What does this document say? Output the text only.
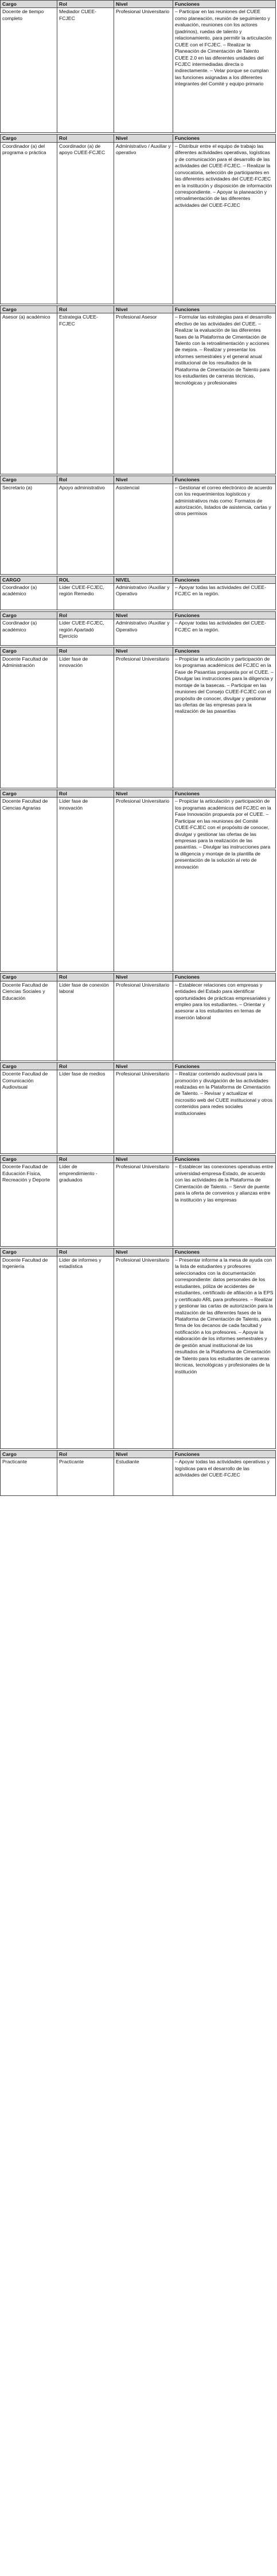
Cargo	Rol	Nivel	Funciones
Docente de tiempo completo	Mediador CUEE-FCJEC	Profesional Universitario	– Participar en las reuniones del CUEE como planeación, reunión de seguimiento y evaluación, reuniones con los actores (padrinos), ruedas de talento y relacionamiento, para permitir la articulación CUEE con el FCJEC. – Realizar la Planeación de Cimentación de Talento CUEE 2.0 en las diferentes unidades del FCJEC intermediadas directa o indirectamente. – Velar porque se cumplan las funciones asignadas a los diferentes integrantes del Comité y equipo primario
Cargo	Rol	Nivel	Funciones
Coordinador (a) del programa o práctica	Coordinador (a) de apoyo CUEE-FCJEC	Administrativo / Auxiliar y operativo	– Distribuir entre el equipo de trabajo las diferentes actividades operativas, logísticas y de comunicación para el desarrollo de las actividades del CUEE-FCJEC. – Realizar la convocatoria, selección de participantes en las diferentes actividades del CUEE-FCJEC en la institución y disposición de información correspondiente. – Apoyar la planeación y retroalimentación de las diferentes actividades del CUEE-FCJEC
Cargo	Rol	Nivel	Funciones
Asesor (a) académico	Estrategia CUEE-FCJEC	Profesional Asesor	– Formular las estrategias para el desarrollo efectivo de las actividades del CUEE. – Realizar la evaluación de las diferentes fases de la Plataforma de Cimentación de Talento con la retroalimentación y acciones de mejora. – Realizar y presentar los informes semestrales y el general anual institucional de los resultados de la Plataforma de Cimentación de Talento para los estudiantes de carreras técnicas, tecnológicas y profesionales
Cargo	Rol	Nivel	Funciones
Secretario (a)	Apoyo administrativo	Asistencial	– Gestionar el correo electrónico de acuerdo con los requerimientos logísticos y administrativos más como: Formatos de autorización, listados de asistencia, cartas y otros permisos
CARGO	ROL	NIVEL	Funciones
Coordinador (a) académico	Líder CUEE-FCJEC, región Remedio	Administrativo /Auxiliar y Operativo	– Apoyar todas las actividades del CUEE-FCJEC en la región.
Cargo	Rol	Nivel	Funciones
Coordinador (a) académico	Líder CUEE-FCJEC, región Apartadó Ejercicio	Administrativo /Auxiliar y Operativo	– Apoyar todas las actividades del CUEE-FCJEC en la región.
Cargo	Rol	Nivel	Funciones
Docente Facultad de Administración	Líder fase de innovación	Profesional Universitario	– Propiciar la articulación y participación de los programas académicos del FCJEC en la Fase de Pasantías propuesta por el CUEE. – Divulgar las instrucciones para la diligencia y montaje de la basecas. – Participar en las reuniones del Consejo CUEE-FCJEC con el propósito de conocer, divulgar y gestionar las ofertas de las empresas para la realización de las pasantías
Cargo	Rol	Nivel	Funciones
Docente Facultad de Ciencias Agrarias	Líder fase de innovación	Profesional Universitario	– Propiciar la articulación y participación de los programas académicos del FCJEC en la Fase Innovación propuesta por el CUEE. – Participar en las reuniones del Comité CUEE-FCJEC con el propósito de conocer, divulgar y gestionar las ofertas de las empresas para la realización de las pasantías. – Divulgar las instrucciones para la diligencia y montaje de la plantilla de presentación de la solución al reto de innovación
Cargo	Rol	Nivel	Funciones
Docente Facultad de Ciencias Sociales y Educación	Líder fase de conexión laboral	Profesional Universitario	– Establecer relaciones con empresas y entidades del Estado para identificar oportunidades de prácticas empresariales y empleo para los estudiantes. – Orientar y asesorar a los estudiantes en temas de inserción laboral
Cargo	Rol	Nivel	Funciones
Docente Facultad de Comunicación Audiovisual	Líder fase de medios	Profesional Universitario	– Realizar contenido audiovisual para la promoción y divulgación de las actividades realizadas en la Plataforma de Cimentación de Talento. – Revisar y actualizar el micrositio web del CUEE institucional y otros contenidos para redes sociales institucionales
Cargo	Rol	Nivel	Funciones
Docente Facultad de Educación Física, Recreación y Deporte	Líder de emprendimiento - graduados	Profesional Universitario	– Establecer las conexiones operativas entre universidad-empresa-Estado, de acuerdo con las actividades de la Plataforma de Cimentación de Talento. – Servir de puente para la oferta de convenios y alianzas entre la institución y las empresas
Cargo	Rol	Nivel	Funciones
Docente Facultad de Ingeniería	Líder de informes y estadística	Profesional Universitario	– Presentar informe a la mesa de ayuda con la lista de estudiantes y profesores seleccionados con la documentación correspondiente: datos personales de los estudiantes, póliza de accidentes de estudiantes, certificado de afiliación a la EPS y certificado ARL para profesores. – Realizar y gestionar las cartas de autorización para la realización de las diferentes fases de la Plataforma de Cimentación de Talento, para firma de los decanos de cada facultad y notificación a los profesores. – Apoyar la elaboración de los informes semestrales y de gestión anual institucional de los resultados de la Plataforma de Cimentación de Talento para los estudiantes de carreras técnicas, tecnológicas y profesionales de la institución
Cargo	Rol	Nivel	Funciones
Practicante	Practicante	Estudiante	– Apoyar todas las actividades operativas y logísticas para el desarrollo de las actividades del CUEE-FCJEC
